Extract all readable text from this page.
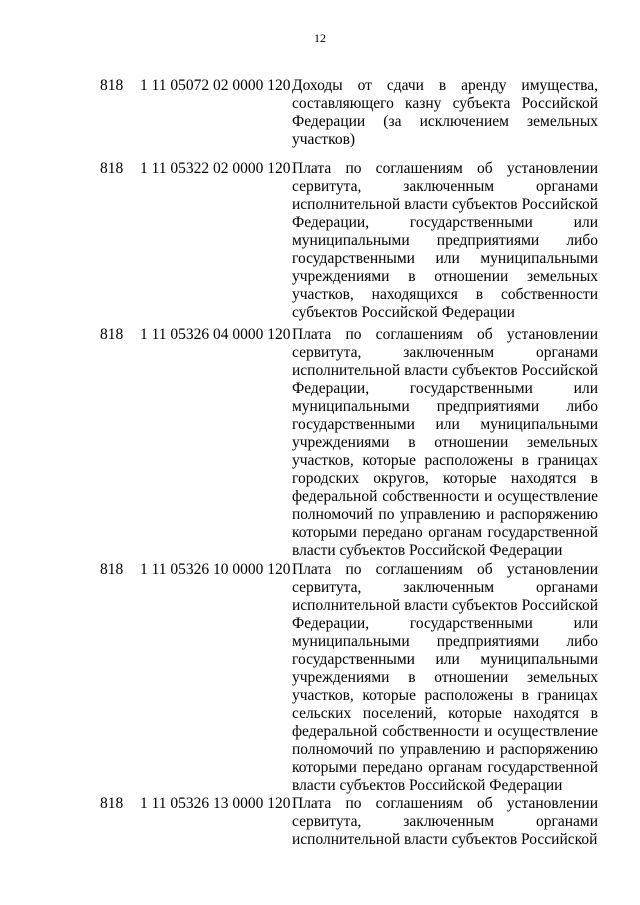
12
818 1 11 05072 02 0000 120 Доходы от сдачи в аренду имущества, составляющего казну субъекта Российской Федерации (за исключением земельных участков)
818 1 11 05322 02 0000 120 Плата по соглашениям об установлении сервитута, заключенным органами исполнительной власти субъектов Российской Федерации, государственными или муниципальными предприятиями либо государственными или муниципальными учреждениями в отношении земельных участков, находящихся в собственности субъектов Российской Федерации
818 1 11 05326 04 0000 120 Плата по соглашениям об установлении сервитута, заключенным органами исполнительной власти субъектов Российской Федерации, государственными или муниципальными предприятиями либо государственными или муниципальными учреждениями в отношении земельных участков, которые расположены в границах городских округов, которые находятся в федеральной собственности и осуществление полномочий по управлению и распоряжению которыми передано органам государственной власти субъектов Российской Федерации
818 1 11 05326 10 0000 120 Плата по соглашениям об установлении сервитута, заключенным органами исполнительной власти субъектов Российской Федерации, государственными или муниципальными предприятиями либо государственными или муниципальными учреждениями в отношении земельных участков, которые расположены в границах сельских поселений, которые находятся в федеральной собственности и осуществление полномочий по управлению и распоряжению которыми передано органам государственной власти субъектов Российской Федерации
818 1 11 05326 13 0000 120 Плата по соглашениям об установлении сервитута, заключенным органами исполнительной власти субъектов Российской
